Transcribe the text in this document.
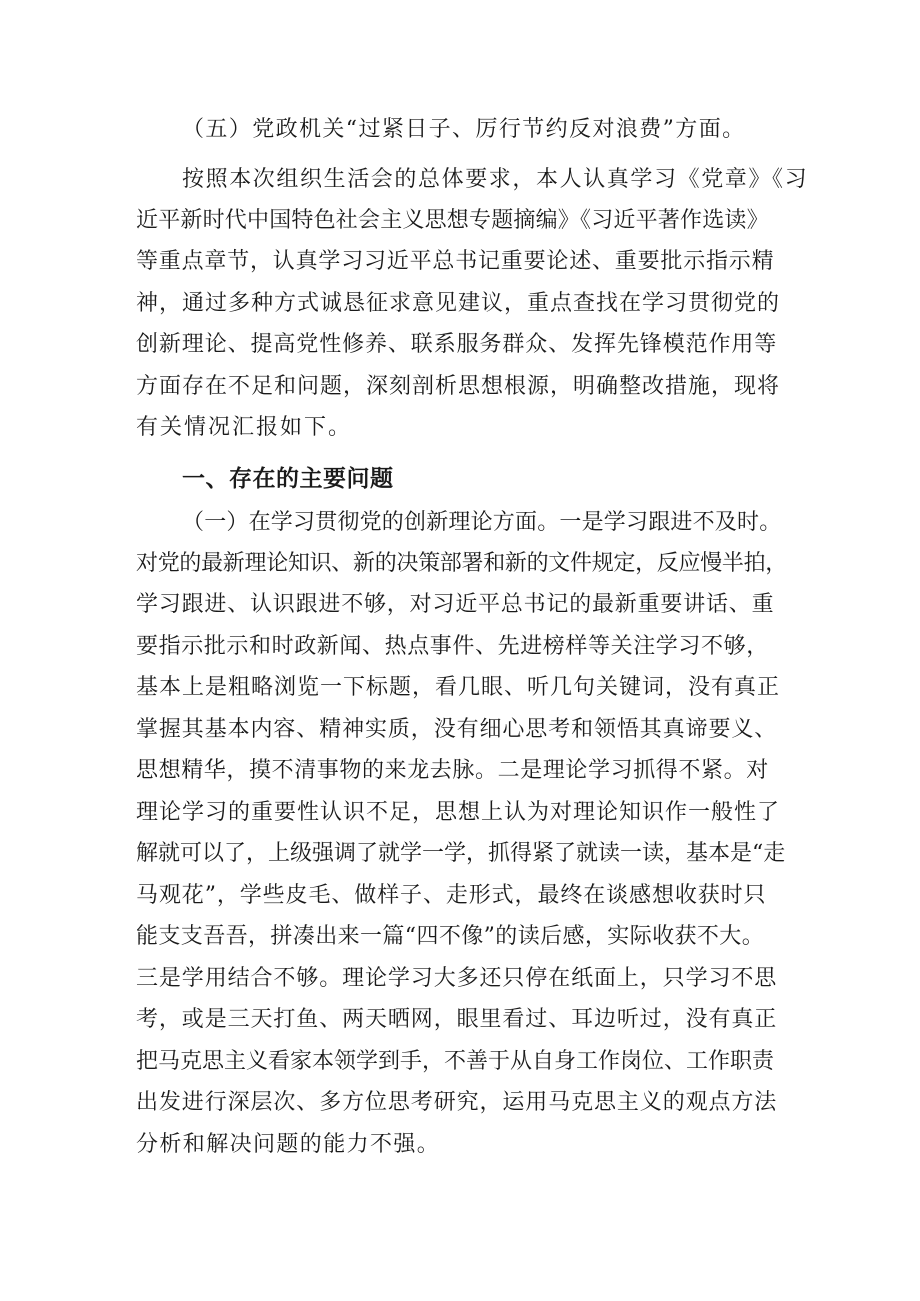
（五）党政机关“过紧日子、厉行节约反对浪费”方面。
按照本次组织生活会的总体要求，本人认真学习《党章》《习
近平新时代中国特色社会主义思想专题摘编》《习近平著作选读》
等重点章节，认真学习习近平总书记重要论述、重要批示指示精
神，通过多种方式诚恳征求意见建议，重点查找在学习贯彻党的
创新理论、提高党性修养、联系服务群众、发挥先锋模范作用等
方面存在不足和问题，深刻剖析思想根源，明确整改措施，现将
有关情况汇报如下。
一、存在的主要问题
（一）在学习贯彻党的创新理论方面。一是学习跟进不及时。
对党的最新理论知识、新的决策部署和新的文件规定，反应慢半拍，
学习跟进、认识跟进不够，对习近平总书记的最新重要讲话、重
要指示批示和时政新闻、热点事件、先进榜样等关注学习不够，
基本上是粗略浏览一下标题，看几眼、听几句关键词，没有真正
掌握其基本内容、精神实质，没有细心思考和领悟其真谛要义、
思想精华，摸不清事物的来龙去脉。二是理论学习抓得不紧。对
理论学习的重要性认识不足，思想上认为对理论知识作一般性了
解就可以了，上级强调了就学一学，抓得紧了就读一读，基本是“走
马观花”，学些皮毛、做样子、走形式，最终在谈感想收获时只
能支支吾吾，拼凑出来一篇“四不像”的读后感，实际收获不大。
三是学用结合不够。理论学习大多还只停在纸面上，只学习不思
考，或是三天打鱼、两天晒网，眼里看过、耳边听过，没有真正
把马克思主义看家本领学到手，不善于从自身工作岗位、工作职责
出发进行深层次、多方位思考研究，运用马克思主义的观点方法
分析和解决问题的能力不强。
